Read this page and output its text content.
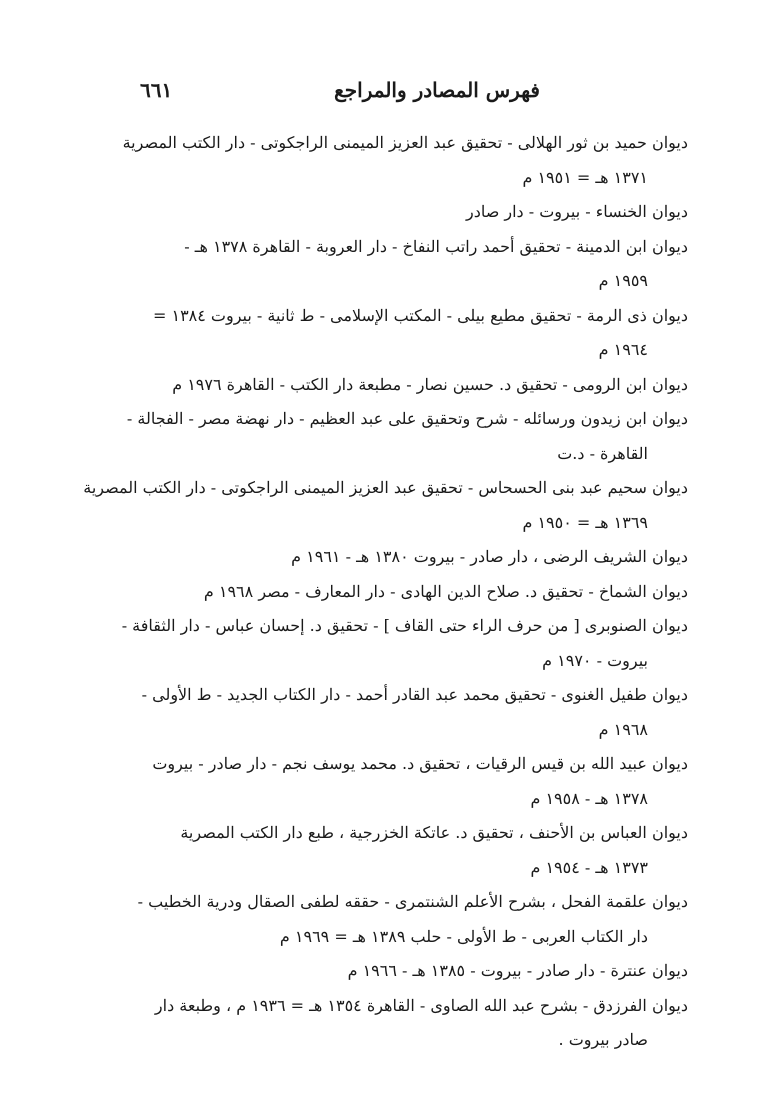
فهرس المصادر والمراجع
٦٦١
ديوان حميد بن ثور الهلالى - تحقيق عبد العزيز الميمنى الراجكوتى - دار الكتب المصرية
١٣٧١ هـ = ١٩٥١ م
ديوان الخنساء - بيروت - دار صادر
ديوان ابن الدمينة - تحقيق أحمد راتب النفاخ - دار العروبة - القاهرة ١٣٧٨ هـ -
١٩٥٩ م
ديوان ذى الرمة - تحقيق مطيع بيلى - المكتب الإسلامى - ط ثانية - بيروت ١٣٨٤ =
١٩٦٤ م
ديوان ابن الرومى - تحقيق د. حسين نصار - مطبعة دار الكتب - القاهرة ١٩٧٦ م
ديوان ابن زيدون ورسائله - شرح وتحقيق على عبد العظيم - دار نهضة مصر - الفجالة -
القاهرة - د.ت
ديوان سحيم عبد بنى الحسحاس - تحقيق عبد العزيز الميمنى الراجكوتى - دار الكتب المصرية
١٣٦٩ هـ = ١٩٥٠ م
ديوان الشريف الرضى ، دار صادر - بيروت ١٣٨٠ هـ - ١٩٦١ م
ديوان الشماخ - تحقيق د. صلاح الدين الهادى - دار المعارف - مصر ١٩٦٨ م
ديوان الصنوبرى [ من حرف الراء حتى القاف ] - تحقيق د. إحسان عباس - دار الثقافة -
بيروت - ١٩٧٠ م
ديوان طفيل الغنوى - تحقيق محمد عبد القادر أحمد - دار الكتاب الجديد - ط الأولى -
١٩٦٨ م
ديوان عبيد الله بن قيس الرقيات ، تحقيق د. محمد يوسف نجم - دار صادر - بيروت
١٣٧٨ هـ - ١٩٥٨ م
ديوان العباس بن الأحنف ، تحقيق د. عاتكة الخزرجية ، طبع دار الكتب المصرية
١٣٧٣ هـ - ١٩٥٤ م
ديوان علقمة الفحل ، بشرح الأعلم الشنتمرى - حققه لطفى الصقال ودرية الخطيب -
دار الكتاب العربى - ط الأولى - حلب ١٣٨٩ هـ = ١٩٦٩ م
ديوان عنترة - دار صادر - بيروت - ١٣٨٥ هـ - ١٩٦٦ م
ديوان الفرزدق - بشرح عبد الله الصاوى - القاهرة ١٣٥٤ هـ = ١٩٣٦ م ، وطبعة دار
صادر بيروت .
